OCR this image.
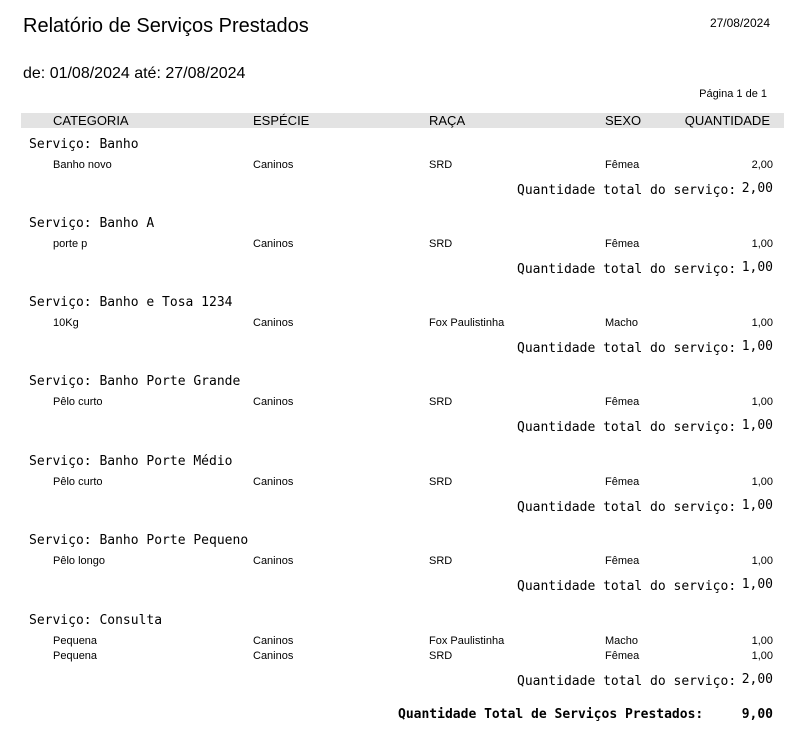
Relatório de Serviços Prestados	27/08/2024
de: 01/08/2024 até: 27/08/2024
Página 1 de 1
CATEGORIA	ESPÉCIE	RAÇA	SEXO	QUANTIDADE
Serviço: Banho
Banho novo	Caninos	SRD	Fêmea	2,00
Quantidade total do serviço: 2,00
Serviço: Banho A
porte p	Caninos	SRD	Fêmea	1,00
Quantidade total do serviço: 1,00
Serviço: Banho e Tosa 1234
10Kg	Caninos	Fox Paulistinha	Macho	1,00
Quantidade total do serviço: 1,00
Serviço: Banho Porte Grande
Pêlo curto	Caninos	SRD	Fêmea	1,00
Quantidade total do serviço: 1,00
Serviço: Banho Porte Médio
Pêlo curto	Caninos	SRD	Fêmea	1,00
Quantidade total do serviço: 1,00
Serviço: Banho Porte Pequeno
Pêlo longo	Caninos	SRD	Fêmea	1,00
Quantidade total do serviço: 1,00
Serviço: Consulta
Pequena	Caninos	Fox Paulistinha	Macho	1,00
Pequena	Caninos	SRD	Fêmea	1,00
Quantidade total do serviço: 2,00
Quantidade Total de Serviços Prestados:	9,00
